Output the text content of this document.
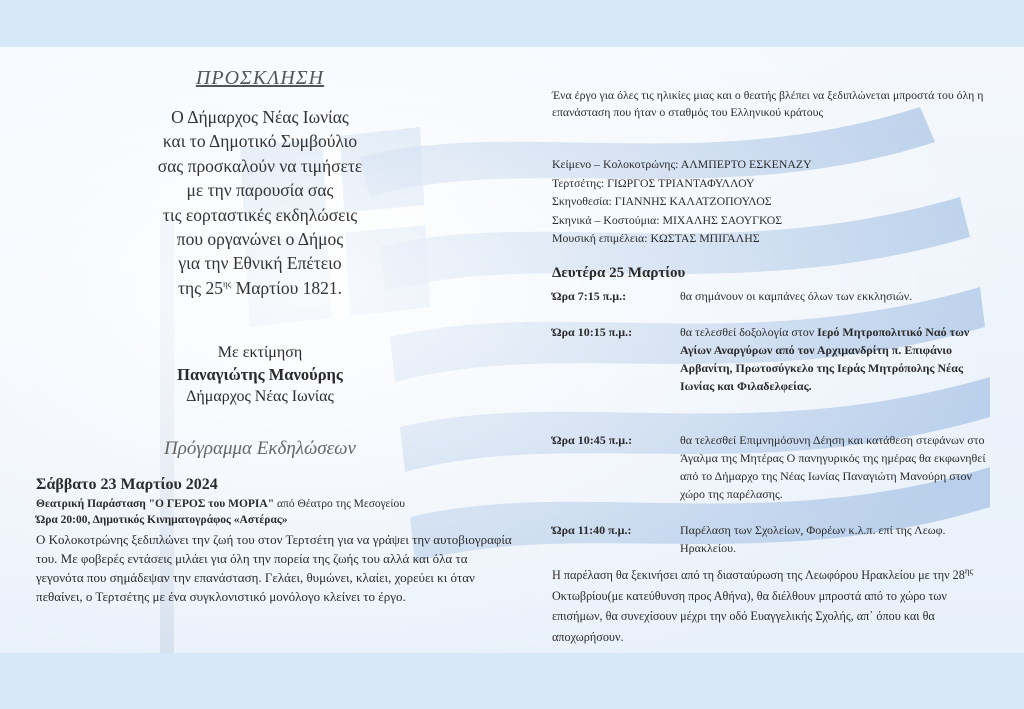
ΠΡΟΣΚΛΗΣΗ
Ο Δήμαρχος Νέας Ιωνίας
και το Δημοτικό Συμβούλιο
σας προσκαλούν να τιμήσετε
με την παρουσία σας
τις εορταστικές εκδηλώσεις
που οργανώνει ο Δήμος
για την Εθνική Επέτειο
της $25^{\eta\varsigma}$ Μαρτίου 1821.
Με εκτίμηση
Παναγιώτης Μανούρης
Δήμαρχος Νέας Ιωνίας
Πρόγραμμα Εκδηλώσεων
Σάββατο 23 Μαρτίου 2024
Θεατρική Παράσταση "Ο ΓΕΡΟΣ του ΜΟΡΙΑ" από Θέατρο της Μεσογείου
Ώρα 20:00, Δημοτικός Κινηματογράφος «Αστέρας»
Ο Κολοκοτρώνης ξεδιπλώνει την ζωή του στον Τερτσέτη για να γράψει την αυτοβιογραφία του. Με φοβερές εντάσεις μιλάει για όλη την πορεία της ζωής του αλλά και όλα τα γεγονότα που σημάδεψαν την επανάσταση. Γελάει, θυμώνει, κλαίει, χορεύει κι όταν πεθαίνει, ο Τερτσέτης με ένα συγκλονιστικό μονόλογο κλείνει το έργο.
Ένα έργο για όλες τις ηλικίες μιας και ο θεατής βλέπει να ξεδιπλώνεται μπροστά του όλη η επανάσταση που ήταν ο σταθμός του Ελληνικού κράτους
Κείμενο – Κολοκοτρώνης: ΑΛΜΠΕΡΤΟ ΕΣΚΕΝΑΖΥ
Τερτσέτης: ΓΙΩΡΓΟΣ ΤΡΙΑΝΤΑΦΥΛΛΟΥ
Σκηνοθεσία: ΓΙΑΝΝΗΣ ΚΑΛΑΤΖΟΠΟΥΛΟΣ
Σκηνικά – Κοστούμια: ΜΙΧΑΛΗΣ ΣΑΟΥΓΚΟΣ
Μουσική επιμέλεια: ΚΩΣΤΑΣ ΜΠΙΓΑΛΗΣ
Δευτέρα 25 Μαρτίου
Ώρα 7:15 π.μ.:	θα σημάνουν οι καμπάνες όλων των εκκλησιών.
Ώρα 10:15 π.μ.:	θα τελεσθεί δοξολογία στον Ιερό Μητροπολιτικό Ναό των Αγίων Αναργύρων από τον Αρχιμανδρίτη π. Επιφάνιο Αρβανίτη, Πρωτοσύγκελο της Ιεράς Μητρόπολης Νέας Ιωνίας και Φιλαδελφείας.
Ώρα 10:45 π.μ.:	θα τελεσθεί Επιμνημόσυνη Δέηση και κατάθεση στεφάνων στο Άγαλμα της Μητέρας Ο πανηγυρικός της ημέρας θα εκφωνηθεί από το Δήμαρχο της Νέας Ιωνίας Παναγιώτη Μανούρη στον χώρο της παρέλασης.
Ώρα 11:40 π.μ.:	Παρέλαση των Σχολείων, Φορέων κ.λ.π. επί της Λεωφ. Ηρακλείου.
Η παρέλαση θα ξεκινήσει από τη διασταύρωση της Λεωφόρου Ηρακλείου με την $28^{\eta\varsigma}$ Οκτωβρίου(με κατεύθυνση προς Αθήνα), θα διέλθουν μπροστά από το χώρο των επισήμων, θα συνεχίσουν μέχρι την οδό Ευαγγελικής Σχολής, απ᾽ όπου και θα αποχωρήσουν.
